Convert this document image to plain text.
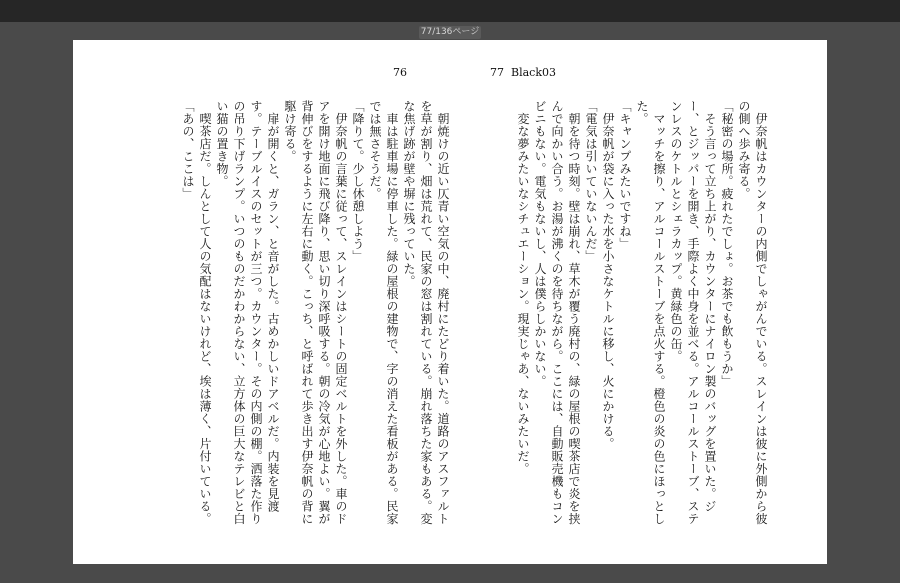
77/136ページ
76	77 Black03

　朝焼けの近い仄青い空気の中、廃村にたどり着いた。道路のアスファルトを草が割り、畑は荒れて、民家の窓は割れている。崩れ落ちた家もある。変な焦げ跡が壁や塀に残っていた。

　車は駐車場に停車した。緑の屋根の建物で、字の消えた看板がある。民家では無さそうだ。

「降りて。少し休憩しよう」

　伊奈帆の言葉に従って、スレインはシートの固定ベルトを外した。車のドアを開け地面に飛び降り、思い切り深呼吸する。朝の冷気が心地よい。翼が背伸びをするように左右に動く。こっち、と呼ばれて歩き出す伊奈帆の背に駆け寄る。

　扉が開くと、ガラン、と音がした。古めかしいドアベルだ。内装を見渡す。テーブルイスのセットが三つ。カウンター。その内側の棚。洒落た作りの吊り下げランプ。いつのものだかわからない、立方体の巨大なテレビと白い猫の置き物。

　喫茶店だ。しんとして人の気配はないけれど、埃は薄く、片付いている。

「あの、ここは」	　伊奈帆はカウンターの内側でしゃがんでいる。スレインは彼に外側から彼の側へ歩み寄る。

「秘密の場所。疲れたでしょ。お茶でも飲もうか」

　そう言って立ち上がり、カウンターにナイロン製のバッグを置いた。ジー、とジッパーを開き、手際よく中身を並べる。アルコールストーブ、ステンレスのケトルとシェラカップ。黄緑色の缶。

　マッチを擦り、アルコールストーブを点火する。橙色の炎の色にほっとした。

「キャンプみたいですね」

　伊奈帆が袋に入った水を小さなケトルに移し、火にかける。

「電気は引いていないんだ」

　朝を待つ時刻。壁は崩れ、草木が覆う廃村の、緑の屋根の喫茶店で炎を挟んで向かい合う。お湯が沸くのを待ちながら。ここには、自動販売機もコンビニもない。電気もないし、人は僕らしかいない。

　変な夢みたいなシチュエーション。現実じゃあ、ないみたいだ。
